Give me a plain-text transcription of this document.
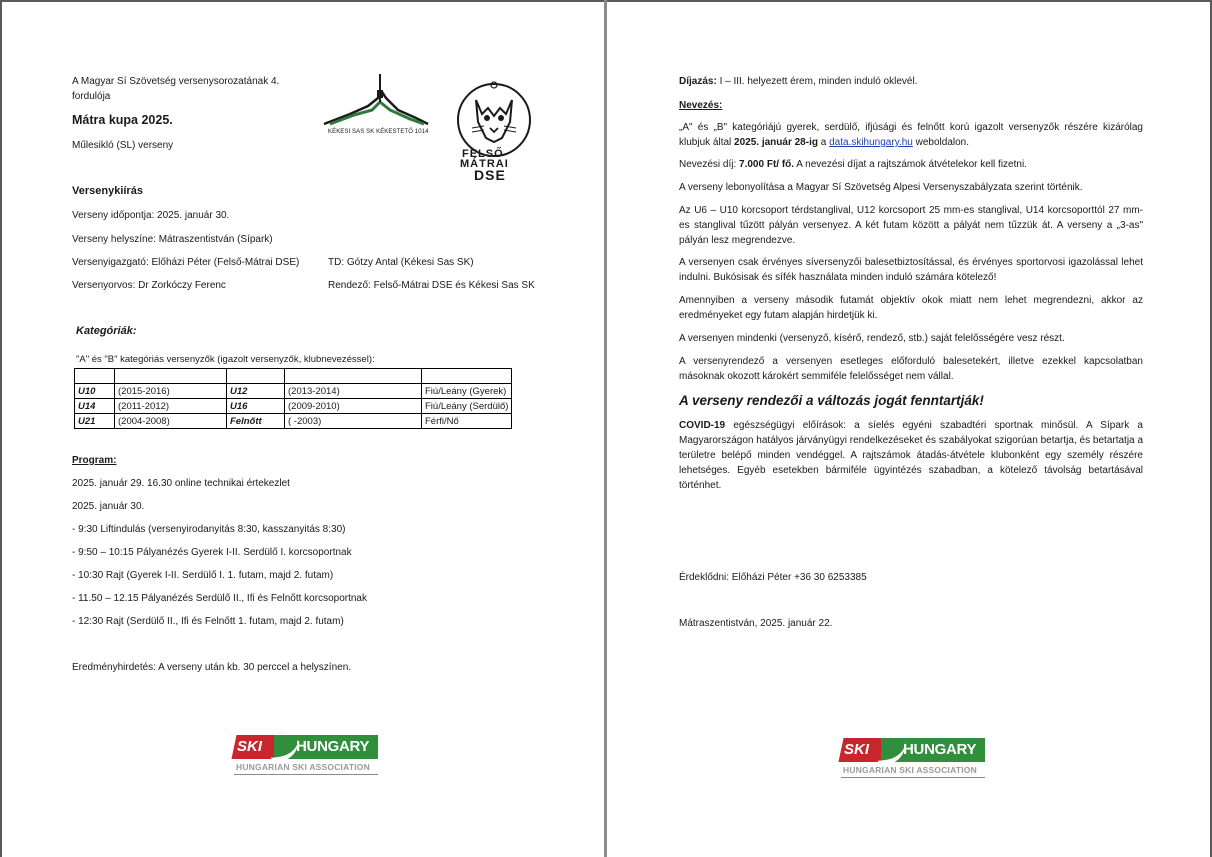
A Magyar Sí Szövetség versenysorozatának 4.
fordulója
Mátra kupa 2025.
Műlesikló (SL) verseny
KÉKESI SAS SK KÉKESTETŐ 1014
FELSŐ-
MÁTRAI
DSE
Versenykiírás
Verseny időpontja: 2025. január 30.
Verseny helyszíne: Mátraszentistván (Sípark)
Versenyigazgató: Előházi Péter (Felső-Mátrai DSE)	TD: Gótzy Antal (Kékesi Sas SK)
Versenyorvos: Dr Zorkóczy Ferenc	Rendező: Felső-Mátrai DSE és Kékesi Sas SK
Kategóriák:
"A" és "B" kategóriás versenyzők (igazolt versenyzők, klubnevezéssel):

U10	(2015-2016)	U12	(2013-2014)	Fiú/Leány (Gyerek)
U14	(2011-2012)	U16	(2009-2010)	Fiú/Leány (Serdülő)
U21	(2004-2008)	Felnőtt	( -2003)	Férfi/Nő
Program:
2025. január 29. 16.30 online technikai értekezlet
2025. január 30.
- 9:30 Liftindulás (versenyirodanyitás 8:30, kasszanyitás 8:30)
- 9:50 – 10:15 Pályanézés Gyerek I-II. Serdülő I. korcsoportnak
- 10:30 Rajt (Gyerek I-II. Serdülő I. 1. futam, majd 2. futam)
- 11.50 – 12.15 Pályanézés Serdülő II., Ifi és Felnőtt korcsoportnak
- 12:30 Rajt (Serdülő II., Ifi és Felnőtt 1. futam, majd 2. futam)
Eredményhirdetés: A verseny után kb. 30 perccel a helyszínen.
SKI HUNGARY
HUNGARIAN SKI ASSOCIATION
Díjazás: I – III. helyezett érem, minden induló oklevél.
Nevezés:
„A" és „B" kategóriájú gyerek, serdülő, ifjúsági és felnőtt korú igazolt versenyzők részére kizárólag klubjuk által 2025. január 28-ig a data.skihungary.hu weboldalon.
Nevezési díj: 7.000 Ft/ fő. A nevezési díjat a rajtszámok átvételekor kell fizetni.
A verseny lebonyolítása a Magyar Sí Szövetség Alpesi Versenyszabályzata szerint történik.
Az U6 – U10 korcsoport térdstanglival, U12 korcsoport 25 mm-es stanglival, U14 korcsoporttól 27 mm-es stanglival tűzött pályán versenyez. A két futam között a pályát nem tűzzük át. A verseny a „3-as" pályán lesz megrendezve.
A versenyen csak érvényes síversenyzői balesetbiztosítással, és érvényes sportorvosi igazolással lehet indulni. Bukósisak és sífék használata minden induló számára kötelező!
Amennyiben a verseny második futamát objektív okok miatt nem lehet megrendezni, akkor az eredményeket egy futam alapján hirdetjük ki.
A versenyen mindenki (versenyző, kísérő, rendező, stb.) saját felelősségére vesz részt.
A versenyrendező a versenyen esetleges előforduló balesetekért, illetve ezekkel kapcsolatban másoknak okozott károkért semmiféle felelősséget nem vállal.
A verseny rendezői a változás jogát fenntartják!
COVID-19 egészségügyi előírások: a síelés egyéni szabadtéri sportnak minősül. A Sípark a Magyarországon hatályos járványügyi rendelkezéseket és szabályokat szigorúan betartja, és betartatja a területre belépő minden vendéggel. A rajtszámok átadás-átvétele klubonként egy személy részére lehetséges. Egyéb esetekben bármiféle ügyintézés szabadban, a kötelező távolság betartásával történhet.
Érdeklődni: Előházi Péter +36 30 6253385
Mátraszentistván, 2025. január 22.
SKI HUNGARY
HUNGARIAN SKI ASSOCIATION
